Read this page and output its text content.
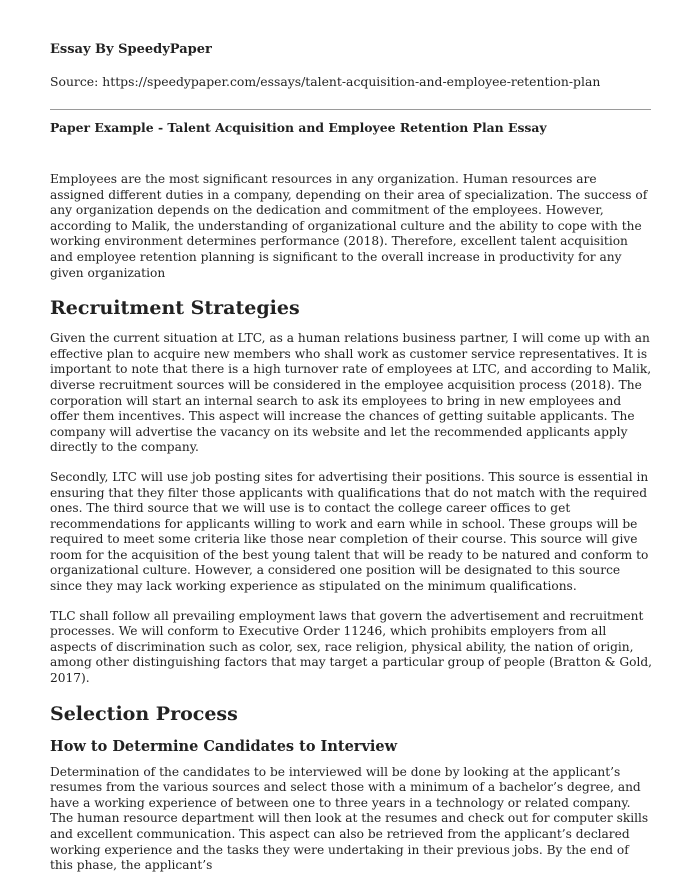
Essay By SpeedyPaper
Source: https://speedypaper.com/essays/talent-acquisition-and-employee-retention-plan
Paper Example - Talent Acquisition and Employee Retention Plan Essay

Employees are the most significant resources in any organization. Human resources are assigned different duties in a company, depending on their area of specialization. The success of any organization depends on the dedication and commitment of the employees. However, according to Malik, the understanding of organizational culture and the ability to cope with the working environment determines performance (2018). Therefore, excellent talent acquisition and employee retention planning is significant to the overall increase in productivity for any given organization

Recruitment Strategies

Given the current situation at LTC, as a human relations business partner, I will come up with an effective plan to acquire new members who shall work as customer service representatives. It is important to note that there is a high turnover rate of employees at LTC, and according to Malik, diverse recruitment sources will be considered in the employee acquisition process (2018). The corporation will start an internal search to ask its employees to bring in new employees and offer them incentives. This aspect will increase the chances of getting suitable applicants. The company will advertise the vacancy on its website and let the recommended applicants apply directly to the company.

Secondly, LTC will use job posting sites for advertising their positions. This source is essential in ensuring that they filter those applicants with qualifications that do not match with the required ones. The third source that we will use is to contact the college career offices to get recommendations for applicants willing to work and earn while in school. These groups will be required to meet some criteria like those near completion of their course. This source will give room for the acquisition of the best young talent that will be ready to be natured and conform to organizational culture. However, a considered one position will be designated to this source since they may lack working experience as stipulated on the minimum qualifications.

TLC shall follow all prevailing employment laws that govern the advertisement and recruitment processes. We will conform to Executive Order 11246, which prohibits employers from all aspects of discrimination such as color, sex, race religion, physical ability, the nation of origin, among other distinguishing factors that may target a particular group of people (Bratton & Gold, 2017).

Selection Process
How to Determine Candidates to Interview

Determination of the candidates to be interviewed will be done by looking at the applicant’s resumes from the various sources and select those with a minimum of a bachelor’s degree, and have a working experience of between one to three years in a technology or related company. The human resource department will then look at the resumes and check out for computer skills and excellent communication. This aspect can also be retrieved from the applicant’s declared working experience and the tasks they were undertaking in their previous jobs. By the end of this phase, the applicant’s
